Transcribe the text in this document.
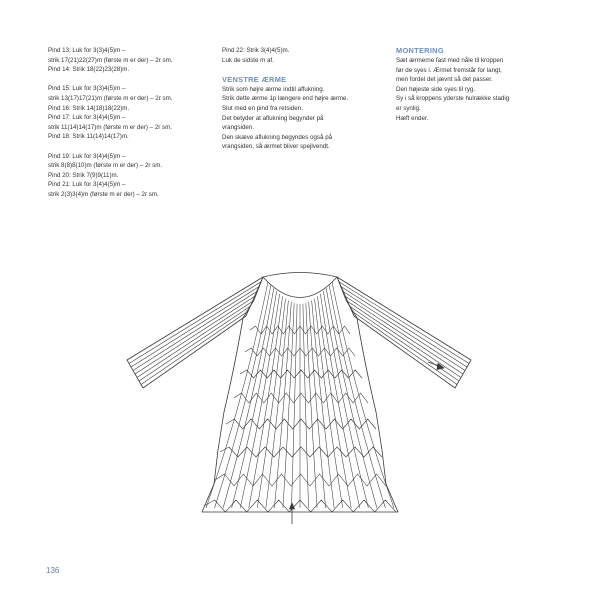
Pind 13: Luk for 3(3)4(5)m –
strik 17(21)22(27)m (første m er der) – 2r sm.
Pind 14: Strik 18(22)23(28)m.
Pind 15: Luk for 3(3)4(5)m –
strik 13(17)17(21)m (første m er der) – 2r sm.
Pind 16: Strik 14(18)18(22)m.
Pind 17: Luk for 3(4)4(5)m –
strik 11(14)14(17)m (første m er der) – 2r sm.
Pind 18: Strik 11(14)14(17)m.
Pind 19: Luk for 3(4)4(5)m –
strik 8(8)8(10)m (første m er der) – 2r sm.
Pind 20: Strik 7(9)9(11)m.
Pind 21: Luk for 3(4)4(5)m –
strik 2(3)3(4)m (første m er der) – 2r sm.
Pind 22: Strik 3(4)4(5)m.
Luk de sidste m af.
VENSTRE ÆRME
Strik som højre ærme indtil affukning.
Strik dette ærme 1p længere end højre ærme.
Slut med en pind fra retsiden.
Det betyder at aflukning begynder på
vrangsiden.
Den skæve aflukning begyndes også på
vrangsiden, så ærmet bliver spejlvendt.
MONTERING
Sæt ærmerne fast med nåle til kroppen
før de syes i. Ærmet fremstår for langt,
men fordel det jævnt så det passer.
Den højeste side syes til ryg.
Sy i så kroppens yderste hulrække stadig
er synlig.
Hæft ender.
136
